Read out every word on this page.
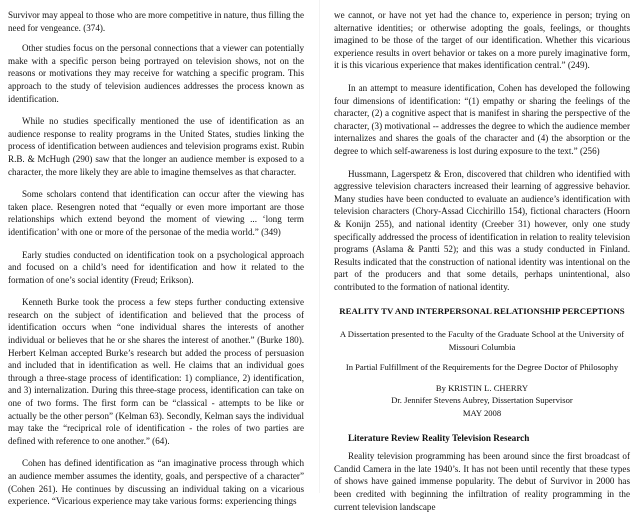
Survivor may appeal to those who are more competitive in nature, thus filling the need for vengeance. (374).

Other studies focus on the personal connections that a viewer can potentially make with a specific person being portrayed on television shows, not on the reasons or motivations they may receive for watching a specific program. This approach to the study of television audiences addresses the process known as identification.

While no studies specifically mentioned the use of identification as an audience response to reality programs in the United States, studies linking the process of identification between audiences and television programs exist. Rubin R.B. & McHugh (290) saw that the longer an audience member is exposed to a character, the more likely they are able to imagine themselves as that character.

Some scholars contend that identification can occur after the viewing has taken place. Resengren noted that “equally or even more important are those relationships which extend beyond the moment of viewing ... ‘long term identification’ with one or more of the personae of the media world.” (349)

Early studies conducted on identification took on a psychological approach and focused on a child’s need for identification and how it related to the formation of one’s social identity (Freud; Erikson).

Kenneth Burke took the process a few steps further conducting extensive research on the subject of identification and believed that the process of identification occurs when “one individual shares the interests of another individual or believes that he or she shares the interest of another.” (Burke 180). Herbert Kelman accepted Burke’s research but added the process of persuasion and included that in identification as well. He claims that an individual goes through a three-stage process of identification: 1) compliance, 2) identification, and 3) internalization. During this three-stage process, identification can take on one of two forms. The first form can be “classical - attempts to be like or actually be the other person” (Kelman 63). Secondly, Kelman says the individual may take the “reciprical role of identification - the roles of two parties are defined with reference to one another.” (64).

Cohen has defined identification as “an imaginative process through which an audience member assumes the identity, goals, and perspective of a character” (Cohen 261). He continues by discussing an individual taking on a vicarious experience. “Vicarious experience may take various forms: experiencing things

we cannot, or have not yet had the chance to, experience in person; trying on alternative identities; or otherwise adopting the goals, feelings, or thoughts imagined to be those of the target of our identification. Whether this vicarious experience results in overt behavior or takes on a more purely imaginative form, it is this vicarious experience that makes identification central.” (249).

In an attempt to measure identification, Cohen has developed the following four dimensions of identification: “(1) empathy or sharing the feelings of the character, (2) a cognitive aspect that is manifest in sharing the perspective of the character, (3) motivational -- addresses the degree to which the audience member internalizes and shares the goals of the character and (4) the absorption or the degree to which self-awareness is lost during exposure to the text.” (256)

Hussmann, Lagerspetz & Eron, discovered that children who identified with aggressive television characters increased their learning of aggressive behavior. Many studies have been conducted to evaluate an audience’s identification with television characters (Chory-Assad Cicchirillo 154), fictional characters (Hoorn & Konijn 255), and national identity (Creeber 31) however, only one study specifically addressed the process of identification in relation to reality television programs (Aslama & Pantti 52); and this was a study conducted in Finland. Results indicated that the construction of national identity was intentional on the part of the producers and that some details, perhaps unintentional, also contributed to the formation of national identity.

REALITY TV AND INTERPERSONAL RELATIONSHIP PERCEPTIONS
A Dissertation presented to the Faculty of the Graduate School at the University of Missouri Columbia
In Partial Fulfillment of the Requirements for the Degree Doctor of Philosophy
By KRISTIN L. CHERRY
Dr. Jennifer Stevens Aubrey, Dissertation Supervisor
MAY 2008
Literature Review Reality Television Research

Reality television programming has been around since the first broadcast of Candid Camera in the late 1940’s. It has not been until recently that these types of shows have gained immense popularity. The debut of Survivor in 2000 has been credited with beginning the infiltration of reality programming in the current television landscape
